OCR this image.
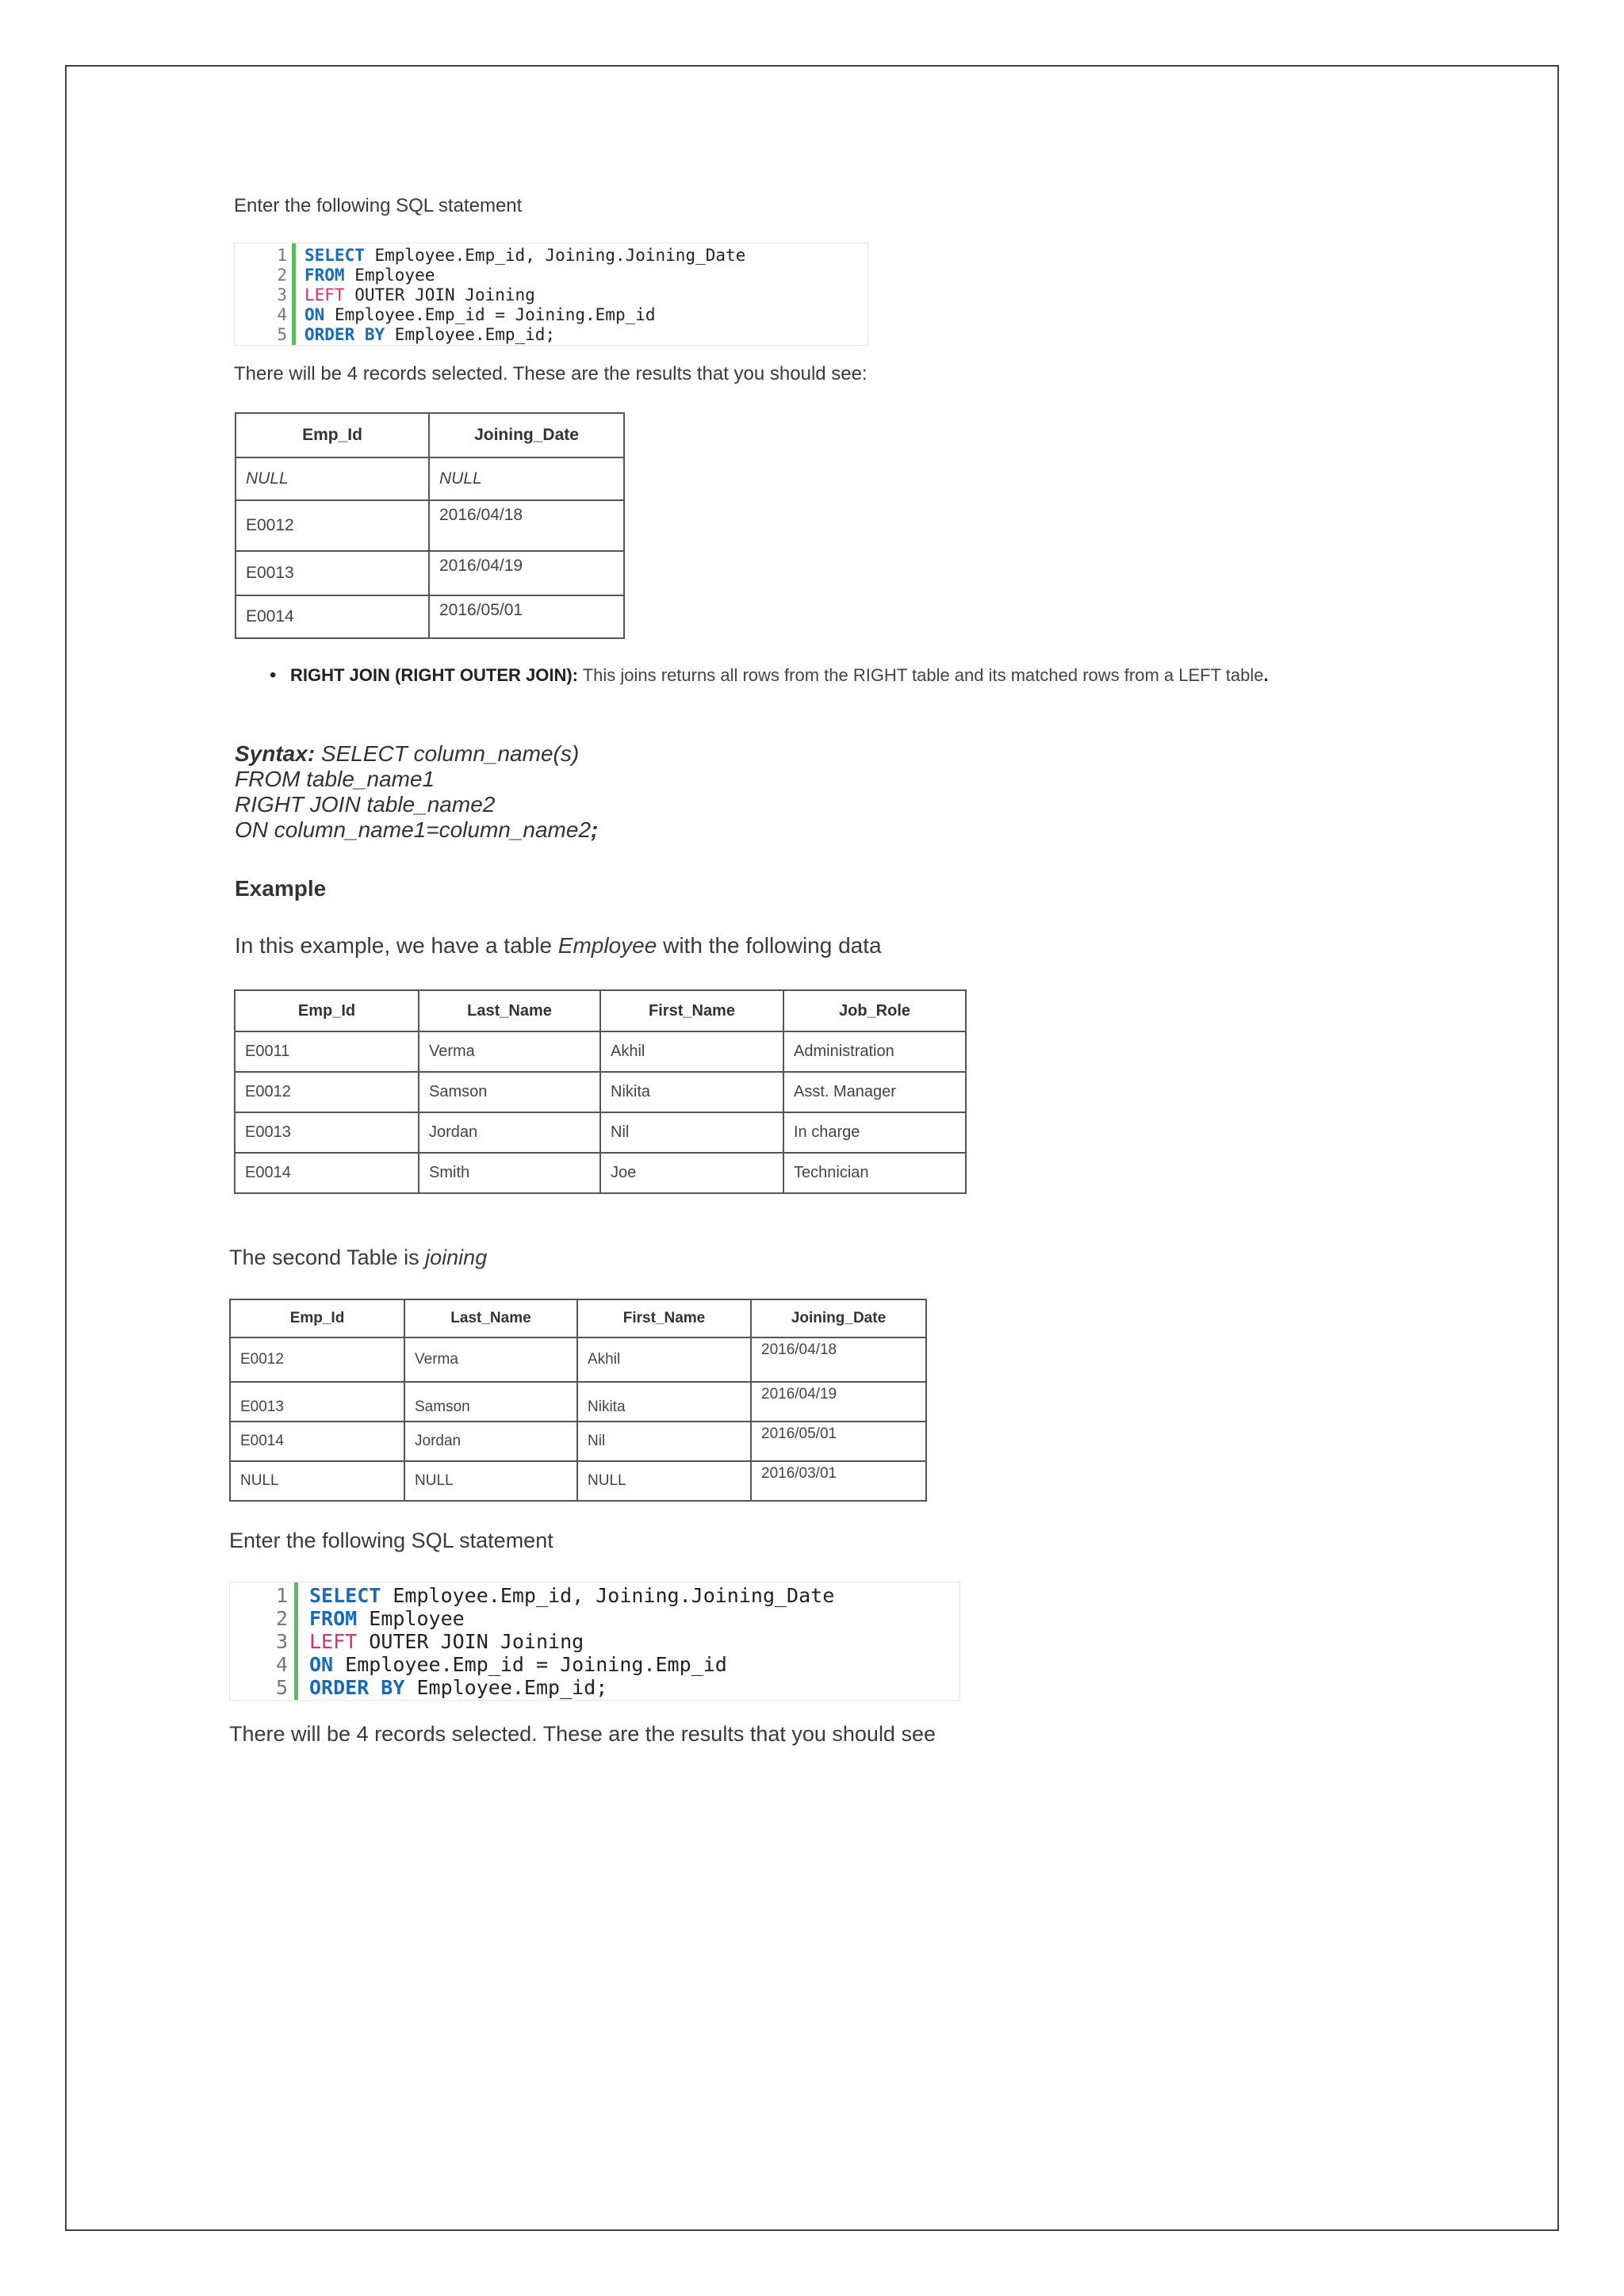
Enter the following SQL statement
1
2
3
4
5
SELECT Employee.Emp_id, Joining.Joining_Date
FROM Employee
LEFT OUTER JOIN Joining
ON Employee.Emp_id = Joining.Emp_id
ORDER BY Employee.Emp_id;
There will be 4 records selected. These are the results that you should see:
Emp_Id	Joining_Date
NULL	NULL
E0012	2016/04/18
E0013	2016/04/19
E0014	2016/05/01
• RIGHT JOIN (RIGHT OUTER JOIN): This joins returns all rows from the RIGHT table and its matched rows from a LEFT table.
Syntax: SELECT column_name(s)
FROM table_name1
RIGHT JOIN table_name2
ON column_name1=column_name2;
Example
In this example, we have a table Employee with the following data
Emp_Id	Last_Name	First_Name	Job_Role
E0011	Verma	Akhil	Administration
E0012	Samson	Nikita	Asst. Manager
E0013	Jordan	Nil	In charge
E0014	Smith	Joe	Technician
The second Table is joining
Emp_Id	Last_Name	First_Name	Joining_Date
E0012	Verma	Akhil	2016/04/18
E0013	Samson	Nikita	2016/04/19
E0014	Jordan	Nil	2016/05/01
NULL	NULL	NULL	2016/03/01
Enter the following SQL statement
1
2
3
4
5
SELECT Employee.Emp_id, Joining.Joining_Date
FROM Employee
LEFT OUTER JOIN Joining
ON Employee.Emp_id = Joining.Emp_id
ORDER BY Employee.Emp_id;
There will be 4 records selected. These are the results that you should see
